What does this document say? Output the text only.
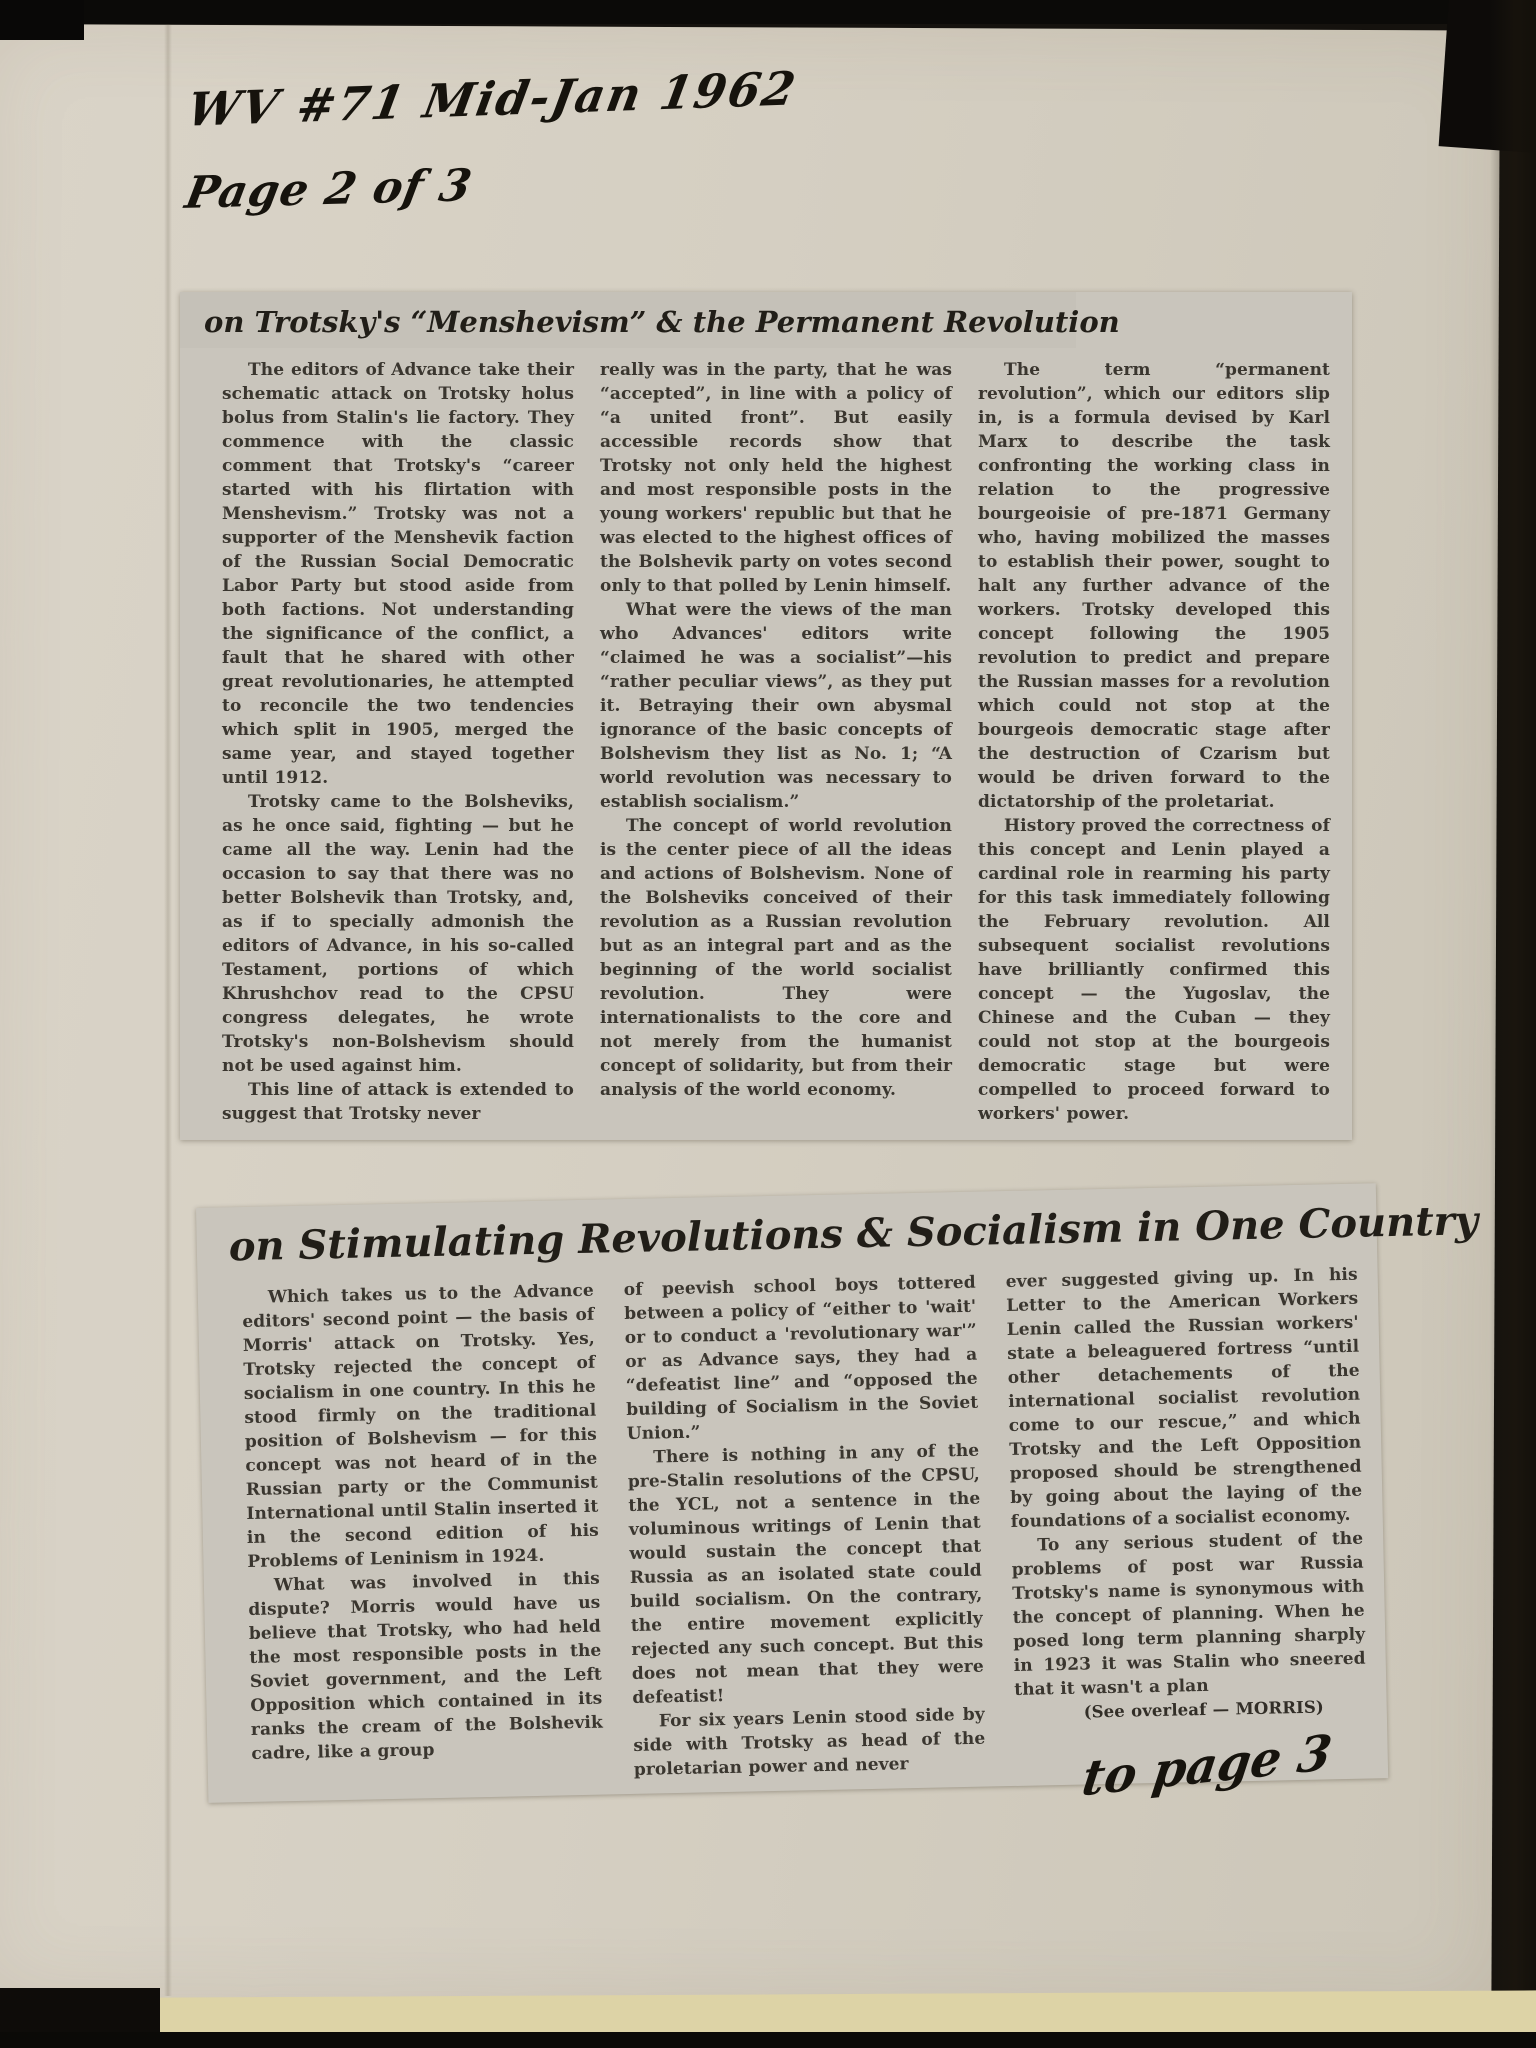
WV #71 Mid-Jan 1962
Page 2 of 3
on Trotsky's “Menshevism” & the Permanent Revolution

The editors of Advance take their schematic attack on Trotsky holus bolus from Stalin's lie factory. They commence with the classic comment that Trotsky's “career started with his flirtation with Menshevism.” Trotsky was not a supporter of the Menshevik faction of the Russian Social Democratic Labor Party but stood aside from both factions. Not understanding the significance of the conflict, a fault that he shared with other great revolutionaries, he attempted to reconcile the two tendencies which split in 1905, merged the same year, and stayed together until 1912.

Trotsky came to the Bolsheviks, as he once said, fighting — but he came all the way. Lenin had the occasion to say that there was no better Bolshevik than Trotsky, and, as if to specially admonish the editors of Advance, in his so-called Testament, portions of which Khrushchov read to the CPSU congress delegates, he wrote Trotsky's non-Bolshevism should not be used against him.

This line of attack is extended to suggest that Trotsky never

really was in the party, that he was “accepted”, in line with a policy of “a united front”. But easily accessible records show that Trotsky not only held the highest and most responsible posts in the young workers' republic but that he was elected to the highest offices of the Bolshevik party on votes second only to that polled by Lenin himself.

What were the views of the man who Advances' editors write “claimed he was a socialist”—his “rather peculiar views”, as they put it. Betraying their own abysmal ignorance of the basic concepts of Bolshevism they list as No. 1; “A world revolution was necessary to establish socialism.”

The concept of world revolution is the center piece of all the ideas and actions of Bolshevism. None of the Bolsheviks conceived of their revolution as a Russian revolution but as an integral part and as the beginning of the world socialist revolution. They were internationalists to the core and not merely from the humanist concept of solidarity, but from their analysis of the world economy.

The term “permanent revolution”, which our editors slip in, is a formula devised by Karl Marx to describe the task confronting the working class in relation to the progressive bourgeoisie of pre-1871 Germany who, having mobilized the masses to establish their power, sought to halt any further advance of the workers. Trotsky developed this concept following the 1905 revolution to predict and prepare the Russian masses for a revolution which could not stop at the bourgeois democratic stage after the destruction of Czarism but would be driven forward to the dictatorship of the proletariat.

History proved the correctness of this concept and Lenin played a cardinal role in rearming his party for this task immediately following the February revolution. All subsequent socialist revolutions have brilliantly confirmed this concept — the Yugoslav, the Chinese and the Cuban — they could not stop at the bourgeois democratic stage but were compelled to proceed forward to workers' power.

on Stimulating Revolutions & Socialism in One Country

Which takes us to the Advance editors' second point — the basis of Morris' attack on Trotsky. Yes, Trotsky rejected the concept of socialism in one country. In this he stood firmly on the traditional position of Bolshevism — for this concept was not heard of in the Russian party or the Communist International until Stalin inserted it in the second edition of his Problems of Leninism in 1924.

What was involved in this dispute? Morris would have us believe that Trotsky, who had held the most responsible posts in the Soviet government, and the Left Opposition which contained in its ranks the cream of the Bolshevik cadre, like a group

of peevish school boys tottered between a policy of “either to 'wait' or to conduct a 'revolutionary war'” or as Advance says, they had a “defeatist line” and “opposed the building of Socialism in the Soviet Union.”

There is nothing in any of the pre-Stalin resolutions of the CPSU, the YCL, not a sentence in the voluminous writings of Lenin that would sustain the concept that Russia as an isolated state could build socialism. On the contrary, the entire movement explicitly rejected any such concept. But this does not mean that they were defeatist!

For six years Lenin stood side by side with Trotsky as head of the proletarian power and never

ever suggested giving up. In his Letter to the American Workers Lenin called the Russian workers' state a beleaguered fortress “until other detachements of the international socialist revolution come to our rescue,” and which Trotsky and the Left Opposition proposed should be strengthened by going about the laying of the foundations of a socialist economy.

To any serious student of the problems of post war Russia Trotsky's name is synonymous with the concept of planning. When he posed long term planning sharply in 1923 it was Stalin who sneered that it wasn't a plan

(See overleaf — MORRIS)

to page 3
